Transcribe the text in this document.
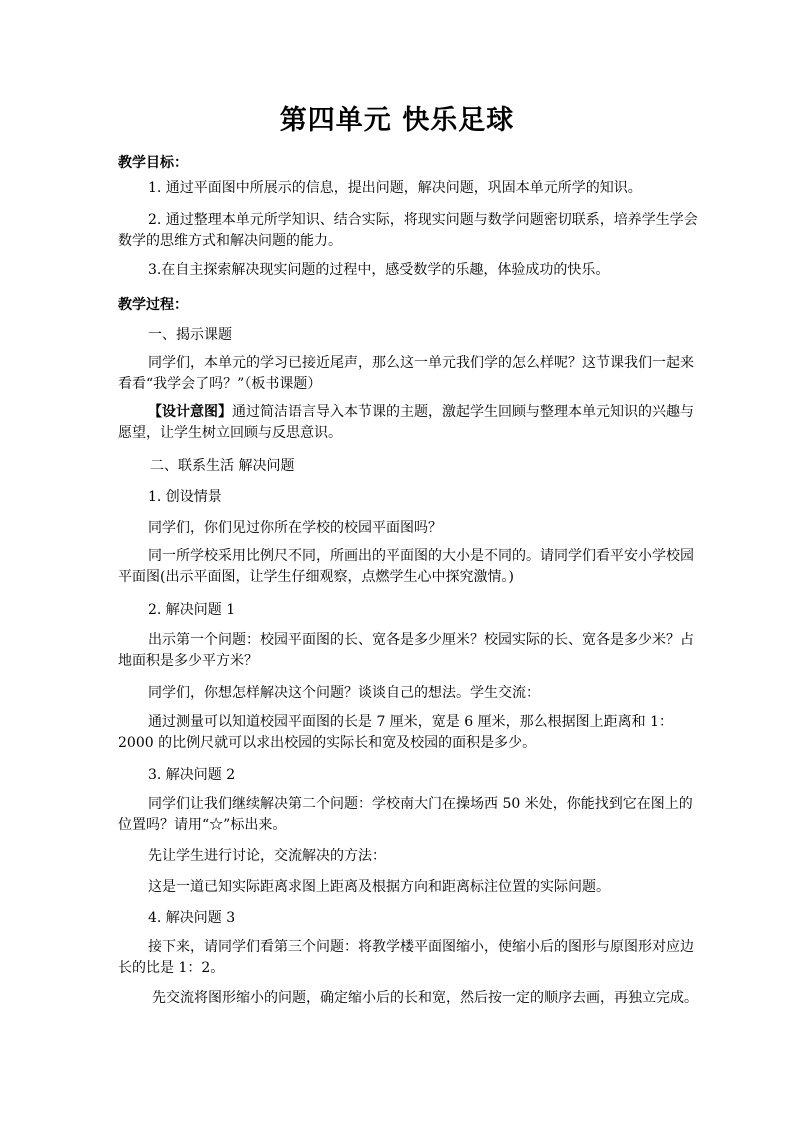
第四单元 快乐足球
教学目标：
1. 通过平面图中所展示的信息，提出问题，解决问题，巩固本单元所学的知识。
2. 通过整理本单元所学知识、结合实际，将现实问题与数学问题密切联系，培养学生学会数学的思维方式和解决问题的能力。
3.在自主探索解决现实问题的过程中，感受数学的乐趣，体验成功的快乐。
教学过程：
一、揭示课题
同学们，本单元的学习已接近尾声，那么这一单元我们学的怎么样呢？这节课我们一起来看看“我学会了吗？”（板书课题）
【设计意图】通过简洁语言导入本节课的主题，激起学生回顾与整理本单元知识的兴趣与愿望，让学生树立回顾与反思意识。
二、联系生活 解决问题
1. 创设情景
同学们，你们见过你所在学校的校园平面图吗？
同一所学校采用比例尺不同，所画出的平面图的大小是不同的。请同学们看平安小学校园平面图(出示平面图，让学生仔细观察，点燃学生心中探究激情。)
2. 解决问题 1
出示第一个问题：校园平面图的长、宽各是多少厘米？校园实际的长、宽各是多少米？占地面积是多少平方米？
同学们，你想怎样解决这个问题？谈谈自己的想法。学生交流：
通过测量可以知道校园平面图的长是 7 厘米，宽是 6 厘米，那么根据图上距离和 1：2000 的比例尺就可以求出校园的实际长和宽及校园的面积是多少。
3. 解决问题 2
同学们让我们继续解决第二个问题：学校南大门在操场西 50 米处，你能找到它在图上的位置吗？请用“☆”标出来。
先让学生进行讨论，交流解决的方法：
这是一道已知实际距离求图上距离及根据方向和距离标注位置的实际问题。
4. 解决问题 3
接下来，请同学们看第三个问题：将教学楼平面图缩小，使缩小后的图形与原图形对应边长的比是 1：2。
先交流将图形缩小的问题，确定缩小后的长和宽，然后按一定的顺序去画，再独立完成。
